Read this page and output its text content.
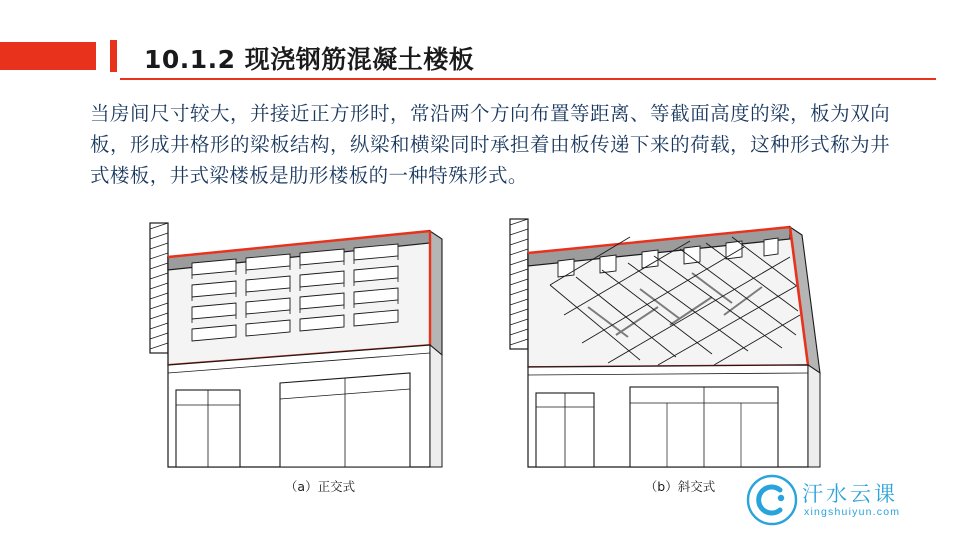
10.1.2 现浇钢筋混凝土楼板
当房间尺寸较大，并接近正方形时，常沿两个方向布置等距离、等截面高度的梁，板为双向板，形成井格形的梁板结构，纵梁和横梁同时承担着由板传递下来的荷载，这种形式称为井式楼板，井式梁楼板是肋形楼板的一种特殊形式。
（a）正交式	（b）斜交式	汗水云课
xingshuiyun.com
